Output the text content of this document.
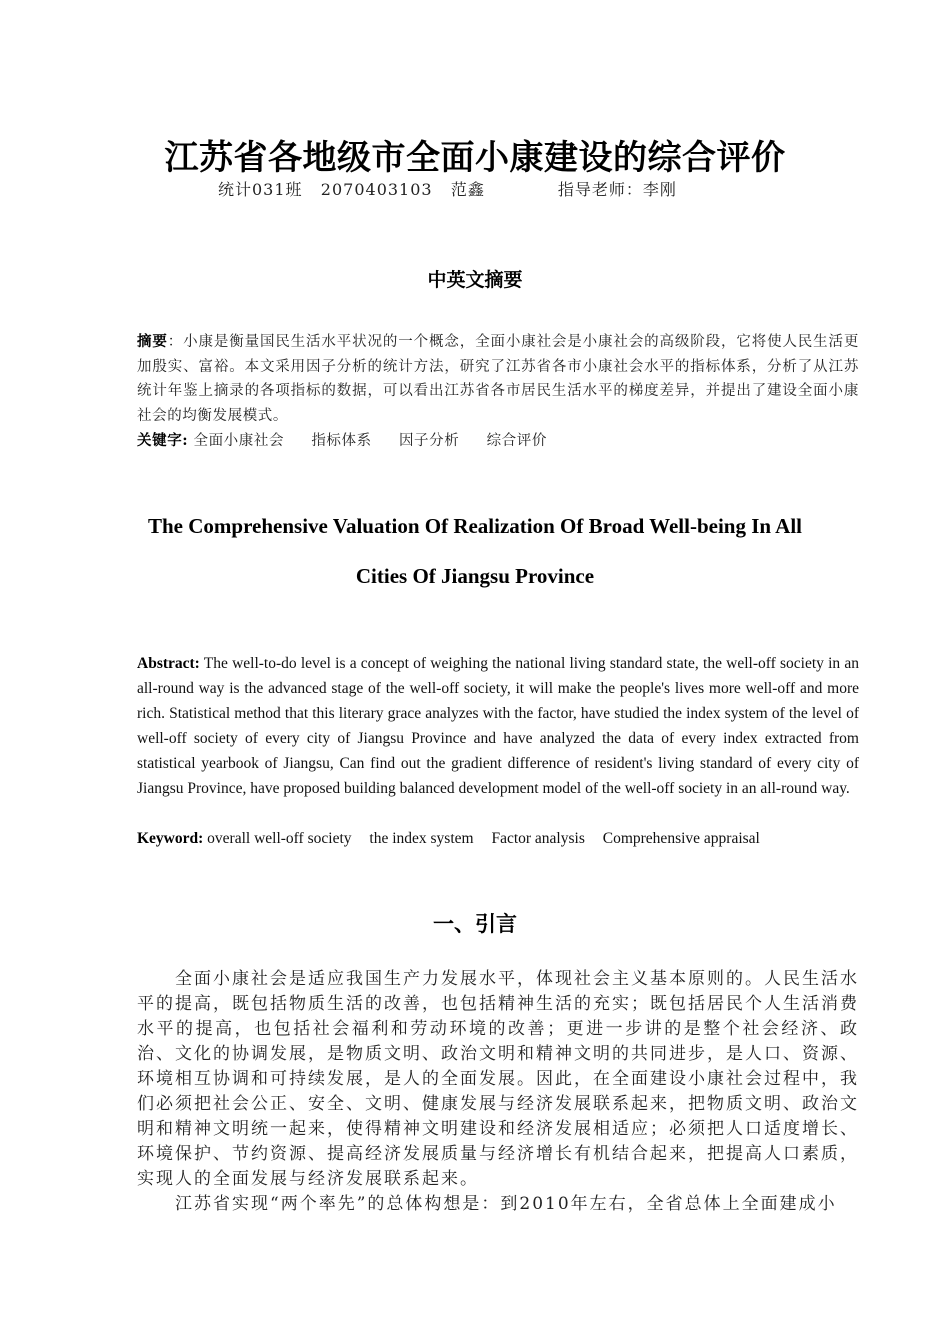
江苏省各地级市全面小康建设的综合评价
统计031班   2070403103   范鑫            指导老师：李刚
中英文摘要
摘要：小康是衡量国民生活水平状况的一个概念，全面小康社会是小康社会的高级阶段，它将使人民生活更加殷实、富裕。本文采用因子分析的统计方法，研究了江苏省各市小康社会水平的指标体系，分析了从江苏统计年鉴上摘录的各项指标的数据，可以看出江苏省各市居民生活水平的梯度差异，并提出了建设全面小康社会的均衡发展模式。
关键字: 全面小康社会 指标体系 因子分析 综合评价
The Comprehensive Valuation Of Realization Of Broad Well-being In All
Cities Of Jiangsu Province
Abstract: The well-to-do level is a concept of weighing the national living standard state, the well-off society in an all-round way is the advanced stage of the well-off society, it will make the people's lives more well-off and more rich. Statistical method that this literary grace analyzes with the factor, have studied the index system of the level of well-off society of every city of Jiangsu Province and have analyzed the data of every index extracted from statistical yearbook of Jiangsu, Can find out the gradient difference of resident's living standard of every city of Jiangsu Province, have proposed building balanced development model of the well-off society in an all-round way.
Keyword: overall well-off society the index system Factor analysis Comprehensive appraisal
一、引言
全面小康社会是适应我国生产力发展水平，体现社会主义基本原则的。人民生活水平的提高，既包括物质生活的改善，也包括精神生活的充实；既包括居民个人生活消费水平的提高，也包括社会福利和劳动环境的改善；更进一步讲的是整个社会经济、政治、文化的协调发展，是物质文明、政治文明和精神文明的共同进步，是人口、资源、环境相互协调和可持续发展，是人的全面发展。因此，在全面建设小康社会过程中，我们必须把社会公正、安全、文明、健康发展与经济发展联系起来，把物质文明、政治文明和精神文明统一起来，使得精神文明建设和经济发展相适应；必须把人口适度增长、环境保护、节约资源、提高经济发展质量与经济增长有机结合起来，把提高人口素质，实现人的全面发展与经济发展联系起来。
江苏省实现“两个率先”的总体构想是：到2010年左右，全省总体上全面建成小
